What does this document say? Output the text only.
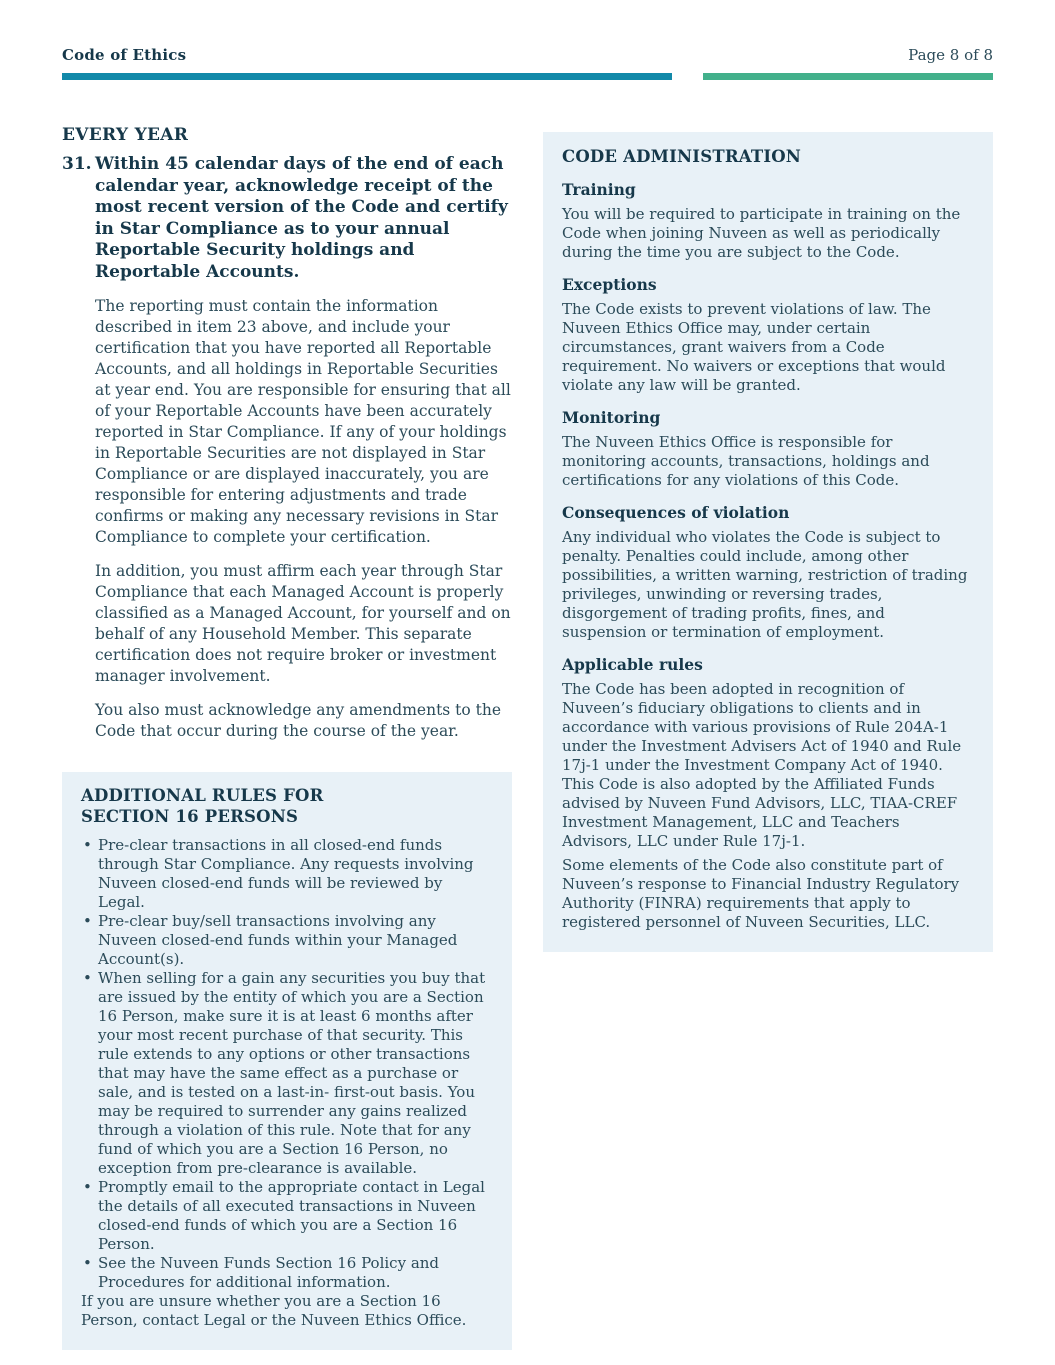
Code of Ethics	Page 8 of 8
EVERY YEAR
31. Within 45 calendar days of the end of each calendar year, acknowledge receipt of the most recent version of the Code and certify in Star Compliance as to your annual Reportable Security holdings and Reportable Accounts.

The reporting must contain the information described in item 23 above, and include your certification that you have reported all Reportable Accounts, and all holdings in Reportable Securities at year end. You are responsible for ensuring that all of your Reportable Accounts have been accurately reported in Star Compliance. If any of your holdings in Reportable Securities are not displayed in Star Compliance or are displayed inaccurately, you are responsible for entering adjustments and trade confirms or making any necessary revisions in Star Compliance to complete your certification.

In addition, you must affirm each year through Star Compliance that each Managed Account is properly classified as a Managed Account, for yourself and on behalf of any Household Member. This separate certification does not require broker or investment manager involvement.

You also must acknowledge any amendments to the Code that occur during the course of the year.

ADDITIONAL RULES FOR
SECTION 16 PERSONS
• Pre-clear transactions in all closed-end funds through Star Compliance. Any requests involving Nuveen closed-end funds will be reviewed by Legal.
• Pre-clear buy/sell transactions involving any Nuveen closed-end funds within your Managed Account(s).
• When selling for a gain any securities you buy that are issued by the entity of which you are a Section 16 Person, make sure it is at least 6 months after your most recent purchase of that security. This rule extends to any options or other transactions that may have the same effect as a purchase or sale, and is tested on a last-in- first-out basis. You may be required to surrender any gains realized through a violation of this rule. Note that for any fund of which you are a Section 16 Person, no exception from pre-clearance is available.
• Promptly email to the appropriate contact in Legal the details of all executed transactions in Nuveen closed-end funds of which you are a Section 16 Person.
• See the Nuveen Funds Section 16 Policy and Procedures for additional information.

If you are unsure whether you are a Section 16 Person, contact Legal or the Nuveen Ethics Office.

CODE ADMINISTRATION
Training

You will be required to participate in training on the Code when joining Nuveen as well as periodically during the time you are subject to the Code.

Exceptions

The Code exists to prevent violations of law. The Nuveen Ethics Office may, under certain circumstances, grant waivers from a Code requirement. No waivers or exceptions that would violate any law will be granted.

Monitoring

The Nuveen Ethics Office is responsible for monitoring accounts, transactions, holdings and certifications for any violations of this Code.

Consequences of violation

Any individual who violates the Code is subject to penalty. Penalties could include, among other possibilities, a written warning, restriction of trading privileges, unwinding or reversing trades, disgorgement of trading profits, fines, and suspension or termination of employment.

Applicable rules

The Code has been adopted in recognition of Nuveen’s fiduciary obligations to clients and in accordance with various provisions of Rule 204A-1 under the Investment Advisers Act of 1940 and Rule 17j-1 under the Investment Company Act of 1940. This Code is also adopted by the Affiliated Funds advised by Nuveen Fund Advisors, LLC, TIAA-CREF Investment Management, LLC and Teachers Advisors, LLC under Rule 17j-1.

Some elements of the Code also constitute part of Nuveen’s response to Financial Industry Regulatory Authority (FINRA) requirements that apply to registered personnel of Nuveen Securities, LLC.
